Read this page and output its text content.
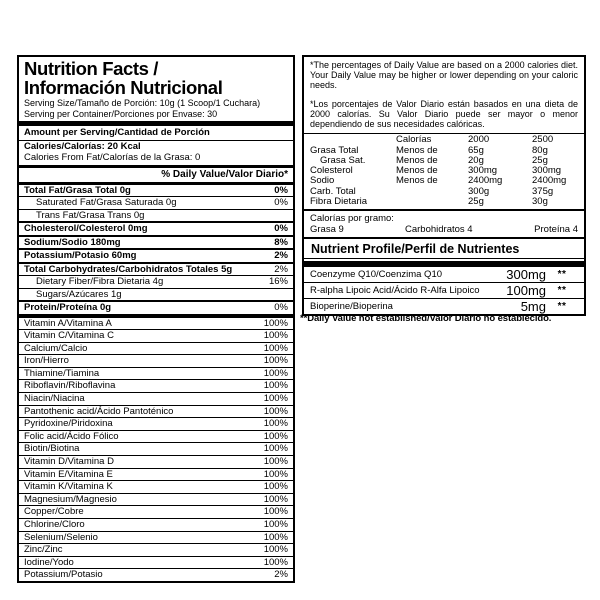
Nutrition Facts /
Información Nutricional
Serving Size/Tamaño de Porción: 10g (1 Scoop/1 Cuchara)
Serving per Container/Porciones por Envase: 30
Amount per Serving/Cantidad de Porción
Calories/Calorías: 20 Kcal
Calories From Fat/Calorías de la Grasa: 0
% Daily Value/Valor Diario*
Total Fat/Grasa Total 0g	0%
Saturated Fat/Grasa Saturada 0g	0%
Trans Fat/Grasa Trans 0g
Cholesterol/Colesterol 0mg	0%
Sodium/Sodio 180mg	8%
Potassium/Potasio 60mg	2%
Total Carbohydrates/Carbohidratos Totales 5g	2%
Dietary Fiber/Fibra Dietaria 4g	16%
Sugars/Azúcares 1g
Protein/Proteína 0g	0%
Vitamin A/Vitamina A	100%
Vitamin C/Vitamina C	100%
Calcium/Calcio	100%
Iron/Hierro	100%
Thiamine/Tiamina	100%
Riboflavin/Riboflavina	100%
Niacin/Niacina	100%
Pantothenic acid/Ácido Pantoténico	100%
Pyridoxine/Piridoxina	100%
Folic acid/Ácido Fólico	100%
Biotin/Biotina	100%
Vitamin D/Vitamina D	100%
Vitamin E/Vitamina E	100%
Vitamin K/Vitamina K	100%
Magnesium/Magnesio	100%
Copper/Cobre	100%
Chlorine/Cloro	100%
Selenium/Selenio	100%
Zinc/Zinc	100%
Iodine/Yodo	100%
Potassium/Potasio	2%
*The percentages of Daily Value are based on a 2000 calories diet. Your Daily Value may be higher or lower depending on your caloric needs.
*Los porcentajes de Valor Diario están basados en una dieta de 2000 calorías. Su Valor Diario puede ser mayor o menor dependiendo de sus necesidades calóricas.
Calorías	2000	2500
Grasa Total	Menos de	65g	80g
Grasa Sat.	Menos de	20g	25g
Colesterol	Menos de	300mg	300mg
Sodio	Menos de	2400mg	2400mg
Carb. Total	300g	375g
Fibra Dietaria	25g	30g
Calorías por gramo:
Grasa 9	Carbohidratos 4	Proteína 4
Nutrient Profile/Perfil de Nutrientes
Coenzyme Q10/Coenzima Q10	300mg	**
R-alpha Lipoic Acid/Ácido R-Alfa Lipoico	100mg	**
Bioperine/Bioperina	5mg	**
**Daily Value not established/Valor Diario no establecido.
